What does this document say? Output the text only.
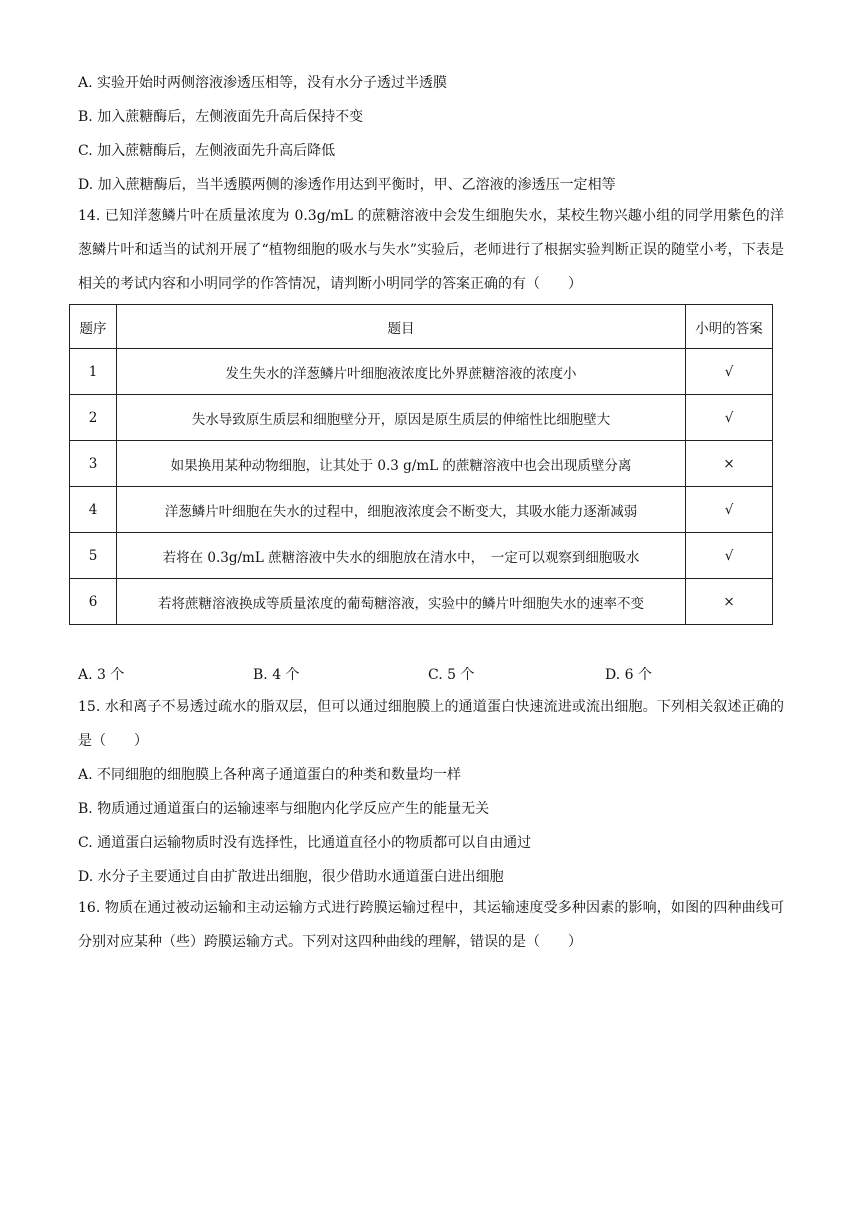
A. 实验开始时两侧溶液渗透压相等，没有水分子透过半透膜
B. 加入蔗糖酶后，左侧液面先升高后保持不变
C. 加入蔗糖酶后，左侧液面先升高后降低
D. 加入蔗糖酶后，当半透膜两侧的渗透作用达到平衡时，甲、乙溶液的渗透压一定相等
14. 已知洋葱鳞片叶在质量浓度为 0.3g/mL 的蔗糖溶液中会发生细胞失水，某校生物兴趣小组的同学用紫色的洋葱鳞片叶和适当的试剂开展了“植物细胞的吸水与失水”实验后，老师进行了根据实验判断正误的随堂小考，下表是相关的考试内容和小明同学的作答情况，请判断小明同学的答案正确的有（　　）
题序	题目	小明的答案
1	发生失水的洋葱鳞片叶细胞液浓度比外界蔗糖溶液的浓度小	√
2	失水导致原生质层和细胞壁分开，原因是原生质层的伸缩性比细胞壁大	√
3	如果换用某种动物细胞，让其处于 0.3 g/mL 的蔗糖溶液中也会出现质壁分离	×
4	洋葱鳞片叶细胞在失水的过程中，细胞液浓度会不断变大，其吸水能力逐渐减弱	√
5	若将在 0.3g/mL 蔗糖溶液中失水的细胞放在清水中，　一定可以观察到细胞吸水	√
6	若将蔗糖溶液换成等质量浓度的葡萄糖溶液，实验中的鳞片叶细胞失水的速率不变	×
A. 3 个	B. 4 个	C. 5 个	D. 6 个
15. 水和离子不易透过疏水的脂双层，但可以通过细胞膜上的通道蛋白快速流进或流出细胞。下列相关叙述正确的是（　　）
A. 不同细胞的细胞膜上各种离子通道蛋白的种类和数量均一样
B. 物质通过通道蛋白的运输速率与细胞内化学反应产生的能量无关
C. 通道蛋白运输物质时没有选择性，比通道直径小的物质都可以自由通过
D. 水分子主要通过自由扩散进出细胞，很少借助水通道蛋白进出细胞
16. 物质在通过被动运输和主动运输方式进行跨膜运输过程中，其运输速度受多种因素的影响，如图的四种曲线可分别对应某种（些）跨膜运输方式。下列对这四种曲线的理解，错误的是（　　）
